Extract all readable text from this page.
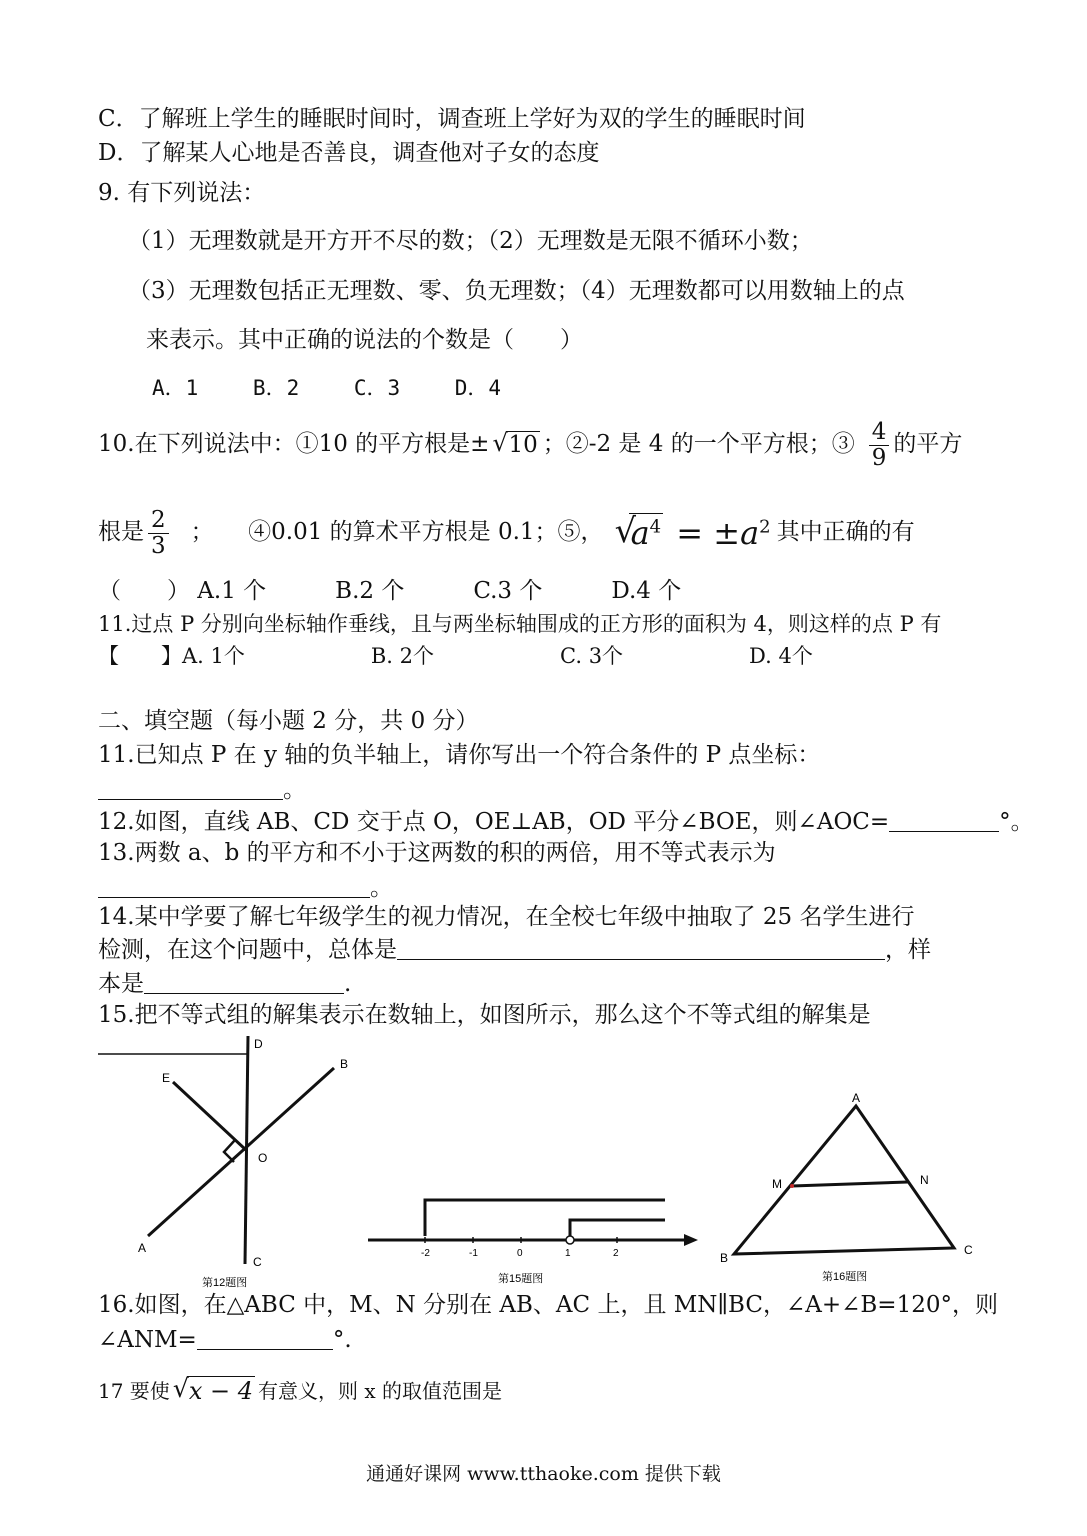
C．了解班上学生的睡眠时间时，调查班上学好为双的学生的睡眠时间
D．了解某人心地是否善良，调查他对子女的态度
9. 有下列说法：
（1）无理数就是开方开不尽的数；（2）无理数是无限不循环小数；
（3）无理数包括正无理数、零、负无理数；（4）无理数都可以用数轴上的点
来表示。其中正确的说法的个数是（　　）
A．1　　 B．2　　 C．3　　 D．4
10.在下列说法中：①10 的平方根是± √ 10 ；②-2 是 4 的一个平方根；③ $\frac{4}{9}$ 的平方
根是 $\frac{2}{3}$ ；　　④0.01 的算术平方根是 0.1；⑤， √ $a^4 = \pm a^2$ 其中正确的有
（　　） A.1 个　　　B.2 个　　　C.3 个　　　D.4 个
11.过点 P 分别向坐标轴作垂线，且与两坐标轴围成的正方形的面积为 4，则这样的点 P 有
【　　】A. 1个　　　　　　B. 2个　　　　　　C. 3个　　　　　　D. 4个
二、填空题（每小题 2 分，共 0 分）
11.已知点 P 在 y 轴的负半轴上，请你写出一个符合条件的 P 点坐标：
。
12.如图，直线 AB、CD 交于点 O，OE⊥AB，OD 平分∠BOE，则∠AOC=	°。
13.两数 a、b 的平方和不小于这两数的积的两倍，用不等式表示为
。
14.某中学要了解七年级学生的视力情况，在全校七年级中抽取了 25 名学生进行
检测，在这个问题中，总体是	，样
本是	.
15.把不等式组的解集表示在数轴上，如图所示，那么这个不等式组的解集是
D
E
B
O
A
C
第12题图
-2	-1	0	1	2
第15题图
A
M	N
B
C
第16题图
16.如图，在△ABC 中，M、N 分别在 AB、AC 上，且 MN∥BC，∠A+∠B=120°，则
∠ANM=	°.
17 要使 √ x − 4 有意义，则 x 的取值范围是
通通好课网 www.tthaoke.com 提供下载
